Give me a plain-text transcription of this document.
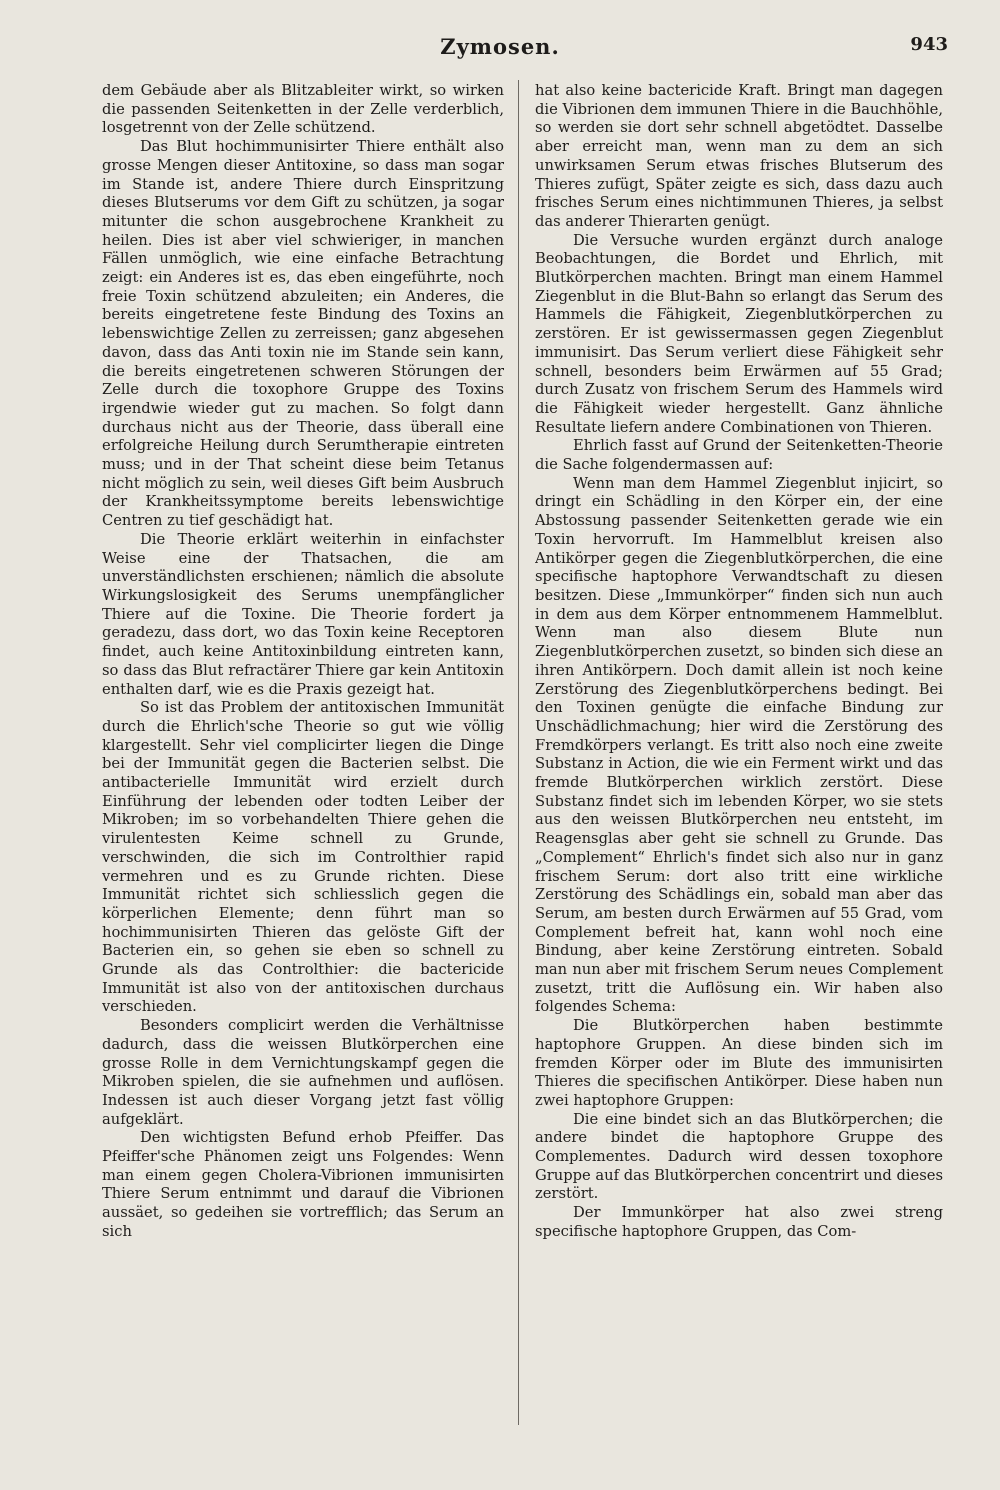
Zymosen.	943

dem Gebäude aber als Blitzableiter wirkt, so wirken die passenden Seitenketten in der Zelle verderblich, losgetrennt von der Zelle schützend.

Das Blut hochimmunisirter Thiere enthält also grosse Mengen dieser Antitoxine, so dass man sogar im Stande ist, andere Thiere durch Einspritzung dieses Blutserums vor dem Gift zu schützen, ja sogar mitunter die schon ausgebrochene Krankheit zu heilen. Dies ist aber viel schwieriger, in manchen Fällen unmöglich, wie eine einfache Betrachtung zeigt: ein Anderes ist es, das eben eingeführte, noch freie Toxin schützend abzuleiten; ein Anderes, die bereits eingetretene feste Bindung des Toxins an lebenswichtige Zellen zu zerreissen; ganz abgesehen davon, dass das Anti toxin nie im Stande sein kann, die bereits eingetretenen schweren Störungen der Zelle durch die toxophore Gruppe des Toxins irgendwie wieder gut zu machen. So folgt dann durchaus nicht aus der Theorie, dass überall eine erfolgreiche Heilung durch Serumtherapie eintreten muss; und in der That scheint diese beim Tetanus nicht möglich zu sein, weil dieses Gift beim Ausbruch der Krankheitssymptome bereits lebenswichtige Centren zu tief geschädigt hat.

Die Theorie erklärt weiterhin in einfachster Weise eine der Thatsachen, die am unverständlichsten erschienen; nämlich die absolute Wirkungslosigkeit des Serums unempfänglicher Thiere auf die Toxine. Die Theorie fordert ja geradezu, dass dort, wo das Toxin keine Receptoren findet, auch keine Antitoxinbildung eintreten kann, so dass das Blut refractärer Thiere gar kein Antitoxin enthalten darf, wie es die Praxis gezeigt hat.

So ist das Problem der antitoxischen Immunität durch die Ehrlich'sche Theorie so gut wie völlig klargestellt. Sehr viel complicirter liegen die Dinge bei der Immunität gegen die Bacterien selbst. Die antibacterielle Immunität wird erzielt durch Einführung der lebenden oder todten Leiber der Mikroben; im so vorbehandelten Thiere gehen die virulentesten Keime schnell zu Grunde, verschwinden, die sich im Controlthier rapid vermehren und es zu Grunde richten. Diese Immunität richtet sich schliesslich gegen die körperlichen Elemente; denn führt man so hochimmunisirten Thieren das gelöste Gift der Bacterien ein, so gehen sie eben so schnell zu Grunde als das Controlthier: die bactericide Immunität ist also von der antitoxischen durchaus verschieden.

Besonders complicirt werden die Verhältnisse dadurch, dass die weissen Blutkörperchen eine grosse Rolle in dem Vernichtungskampf gegen die Mikroben spielen, die sie aufnehmen und auflösen. Indessen ist auch dieser Vorgang jetzt fast völlig aufgeklärt.

Den wichtigsten Befund erhob Pfeiffer. Das Pfeiffer'sche Phänomen zeigt uns Folgendes: Wenn man einem gegen Cholera-Vibrionen immunisirten Thiere Serum entnimmt und darauf die Vibrionen aussäet, so gedeihen sie vortrefflich; das Serum an sich

hat also keine bactericide Kraft. Bringt man dagegen die Vibrionen dem immunen Thiere in die Bauchhöhle, so werden sie dort sehr schnell abgetödtet. Dasselbe aber erreicht man, wenn man zu dem an sich unwirksamen Serum etwas frisches Blutserum des Thieres zufügt, Später zeigte es sich, dass dazu auch frisches Serum eines nichtimmunen Thieres, ja selbst das anderer Thierarten genügt.

Die Versuche wurden ergänzt durch analoge Beobachtungen, die Bordet und Ehrlich, mit Blutkörperchen machten. Bringt man einem Hammel Ziegenblut in die Blut-Bahn so erlangt das Serum des Hammels die Fähigkeit, Ziegenblutkörperchen zu zerstören. Er ist gewissermassen gegen Ziegenblut immunisirt. Das Serum verliert diese Fähigkeit sehr schnell, besonders beim Erwärmen auf 55 Grad; durch Zusatz von frischem Serum des Hammels wird die Fähigkeit wieder hergestellt. Ganz ähnliche Resultate liefern andere Combinationen von Thieren.

Ehrlich fasst auf Grund der Seitenketten-Theorie die Sache folgendermassen auf:

Wenn man dem Hammel Ziegenblut injicirt, so dringt ein Schädling in den Körper ein, der eine Abstossung passender Seitenketten gerade wie ein Toxin hervorruft. Im Hammelblut kreisen also Antikörper gegen die Ziegenblutkörperchen, die eine specifische haptophore Verwandtschaft zu diesen besitzen. Diese „Immunkörper“ finden sich nun auch in dem aus dem Körper entnommenem Hammelblut. Wenn man also diesem Blute nun Ziegenblutkörperchen zusetzt, so binden sich diese an ihren Antikörpern. Doch damit allein ist noch keine Zerstörung des Ziegenblutkörperchens bedingt. Bei den Toxinen genügte die einfache Bindung zur Unschädlichmachung; hier wird die Zerstörung des Fremdkörpers verlangt. Es tritt also noch eine zweite Substanz in Action, die wie ein Ferment wirkt und das fremde Blutkörperchen wirklich zerstört. Diese Substanz findet sich im lebenden Körper, wo sie stets aus den weissen Blutkörperchen neu entsteht, im Reagensglas aber geht sie schnell zu Grunde. Das „Complement“ Ehrlich's findet sich also nur in ganz frischem Serum: dort also tritt eine wirkliche Zerstörung des Schädlings ein, sobald man aber das Serum, am besten durch Erwärmen auf 55 Grad, vom Complement befreit hat, kann wohl noch eine Bindung, aber keine Zerstörung eintreten. Sobald man nun aber mit frischem Serum neues Complement zusetzt, tritt die Auflösung ein. Wir haben also folgendes Schema:

Die Blutkörperchen haben bestimmte haptophore Gruppen. An diese binden sich im fremden Körper oder im Blute des immunisirten Thieres die specifischen Antikörper. Diese haben nun zwei haptophore Gruppen:

Die eine bindet sich an das Blutkörperchen; die andere bindet die haptophore Gruppe des Complementes. Dadurch wird dessen toxophore Gruppe auf das Blutkörperchen concentrirt und dieses zerstört.

Der Immunkörper hat also zwei streng specifische haptophore Gruppen, das Com-
